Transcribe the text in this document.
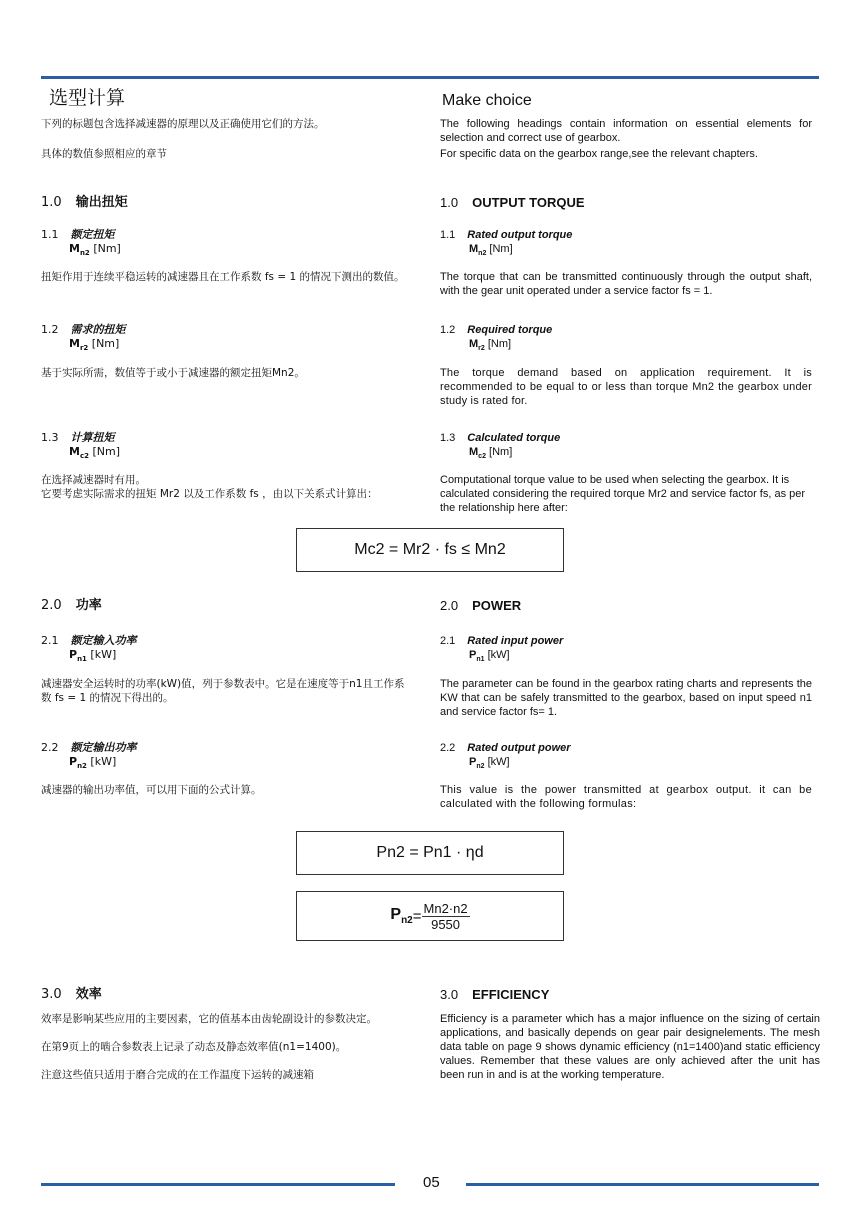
选型计算	Make choice
下列的标题包含选择减速器的原理以及正确使用它们的方法。	The following headings contain information on essential elements for selection and correct use of gearbox.
具体的数值参照相应的章节	For specific data on the gearbox range,see the relevant chapters.
1.0 输出扭矩	1.0 OUTPUT TORQUE
1.1 额定扭矩
$M_{n2}$ [Nm]
1.1 Rated output torque
$M_{n2}$ [Nm]
扭矩作用于连续平稳运转的减速器且在工作系数 fs = 1 的情况下测出的数值。	The torque that can be transmitted continuously through the output shaft, with the gear unit operated under a service factor fs = 1.
1.2 需求的扭矩
$M_{r2}$ [Nm]
1.2 Required torque
$M_{r2}$ [Nm]
基于实际所需，数值等于或小于减速器的额定扭矩Mn2。	The torque demand based on application requirement. It is recommended to be equal to or less than torque Mn2 the gearbox under study is rated for.
1.3 计算扭矩
$M_{c2}$ [Nm]
1.3 Calculated torque
$M_{c2}$ [Nm]
在选择减速器时有用。
它要考虑实际需求的扭矩 Mr2 以及工作系数 fs ，由以下关系式计算出：
Computational torque value to be used when selecting the gearbox. It is calculated considering the required torque Mr2 and service factor fs, as per the relationship here after:
Mc2 = Mr2 · fs ≤ Mn2
2.0 功率	2.0 POWER
2.1 额定输入功率
$P_{n1}$ [kW]
2.1 Rated input power
$P_{n1}$ [kW]
减速器安全运转时的功率(kW)值，列于参数表中。它是在速度等于n1且工作系数 fs = 1 的情况下得出的。
The parameter can be found in the gearbox rating charts and represents the KW that can be safely transmitted to the gearbox, based on input speed n1 and service factor fs= 1.
2.2 额定输出功率
$P_{n2}$ [kW]
2.2 Rated output power
$P_{n2}$ [kW]
减速器的输出功率值，可以用下面的公式计算。	This value is the power transmitted at gearbox output. it can be calculated with the following formulas:
Pn2 = Pn1 · ηd
$P_{n2} = \frac{Mn2\cdot n2}{9550}$
3.0 效率	3.0 EFFICIENCY
效率是影响某些应用的主要因素，它的值基本由齿轮副设计的参数决定。
在第9页上的啮合参数表上记录了动态及静态效率值(n1=1400)。
注意这些值只适用于磨合完成的在工作温度下运转的减速箱
Efficiency is a parameter which has a major influence on the sizing of certain applications, and basically depends on gear pair designelements. The mesh data table on page 9 shows dynamic efficiency (n1=1400)and static efficiency values. Remember that these values are only achieved after the unit has been run in and is at the working temperature.
05
